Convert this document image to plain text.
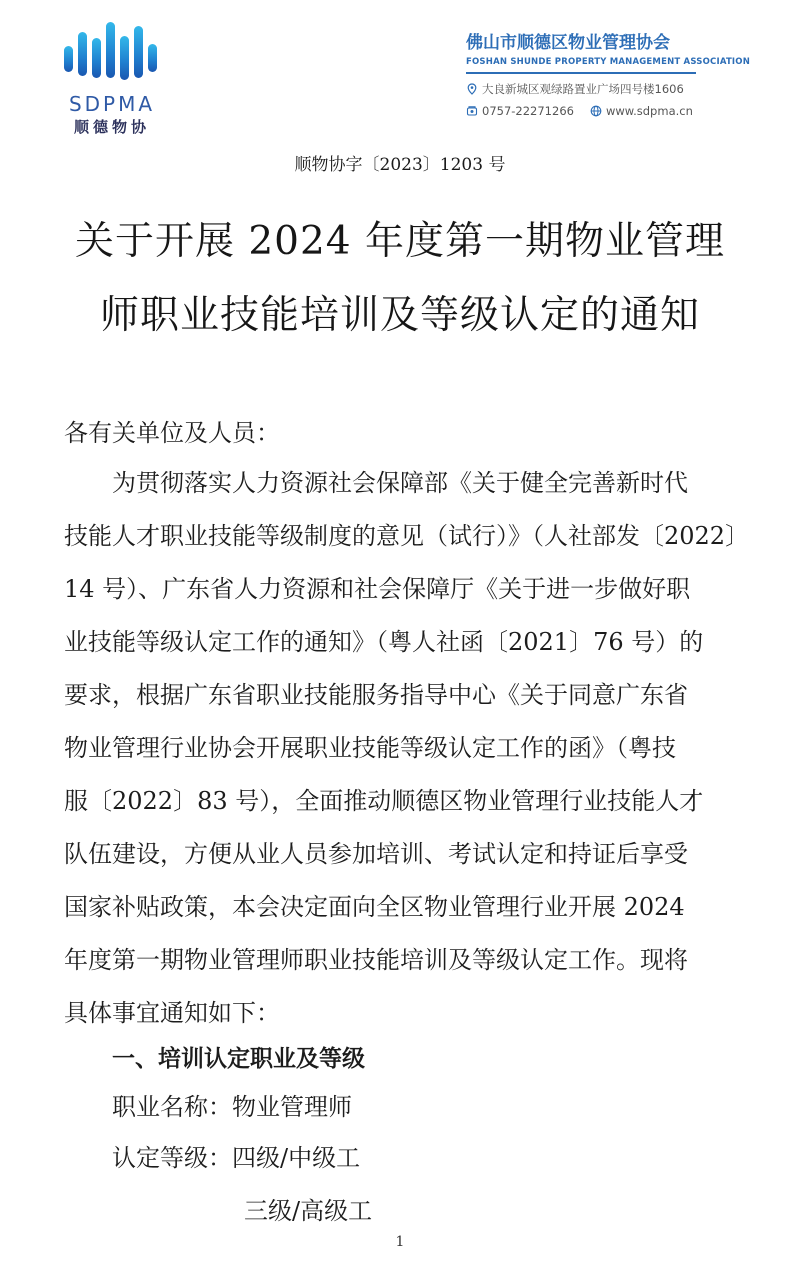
SDPMA
顺德物协
佛山市顺德区物业管理协会
FOSHAN SHUNDE PROPERTY MANAGEMENT ASSOCIATION
大良新城区观绿路置业广场四号楼1606
0757-22271266	www.sdpma.cn
顺物协字〔2023〕1203 号
关于开展 2024 年度第一期物业管理
师职业技能培训及等级认定的通知
各有关单位及人员：
为贯彻落实人力资源社会保障部《关于健全完善新时代
技能人才职业技能等级制度的意见（试行）》（人社部发〔2022〕
14 号）、广东省人力资源和社会保障厅《关于进一步做好职
业技能等级认定工作的通知》（粤人社函〔2021〕76 号）的
要求，根据广东省职业技能服务指导中心《关于同意广东省
物业管理行业协会开展职业技能等级认定工作的函》（粤技
服〔2022〕83 号），全面推动顺德区物业管理行业技能人才
队伍建设，方便从业人员参加培训、考试认定和持证后享受
国家补贴政策，本会决定面向全区物业管理行业开展 2024
年度第一期物业管理师职业技能培训及等级认定工作。现将
具体事宜通知如下：
一、培训认定职业及等级
职业名称：物业管理师
认定等级：四级/中级工
三级/高级工
1
